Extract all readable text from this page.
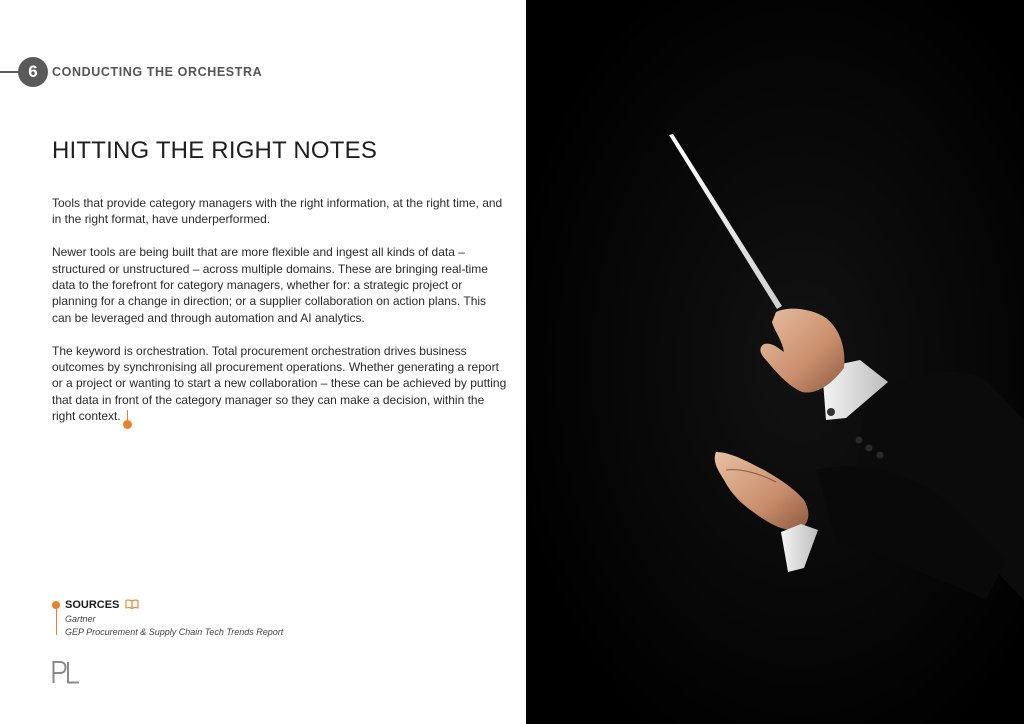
6	CONDUCTING THE ORCHESTRA
HITTING THE RIGHT NOTES

Tools that provide category managers with the right information, at the right time, and in the right format, have underperformed.

Newer tools are being built that are more flexible and ingest all kinds of data – structured or unstructured – across multiple domains. These are bringing real-time data to the forefront for category managers, whether for: a strategic project or planning for a change in direction; or a supplier collaboration on action plans. This can be leveraged and through automation and AI analytics.

The keyword is orchestration. Total procurement orchestration drives business outcomes by synchronising all procurement operations. Whether generating a report or a project or wanting to start a new collaboration – these can be achieved by putting that data in front of the category manager so they can make a decision, within the right context.

SOURCES
Gartner
GEP Procurement & Supply Chain Tech Trends Report
